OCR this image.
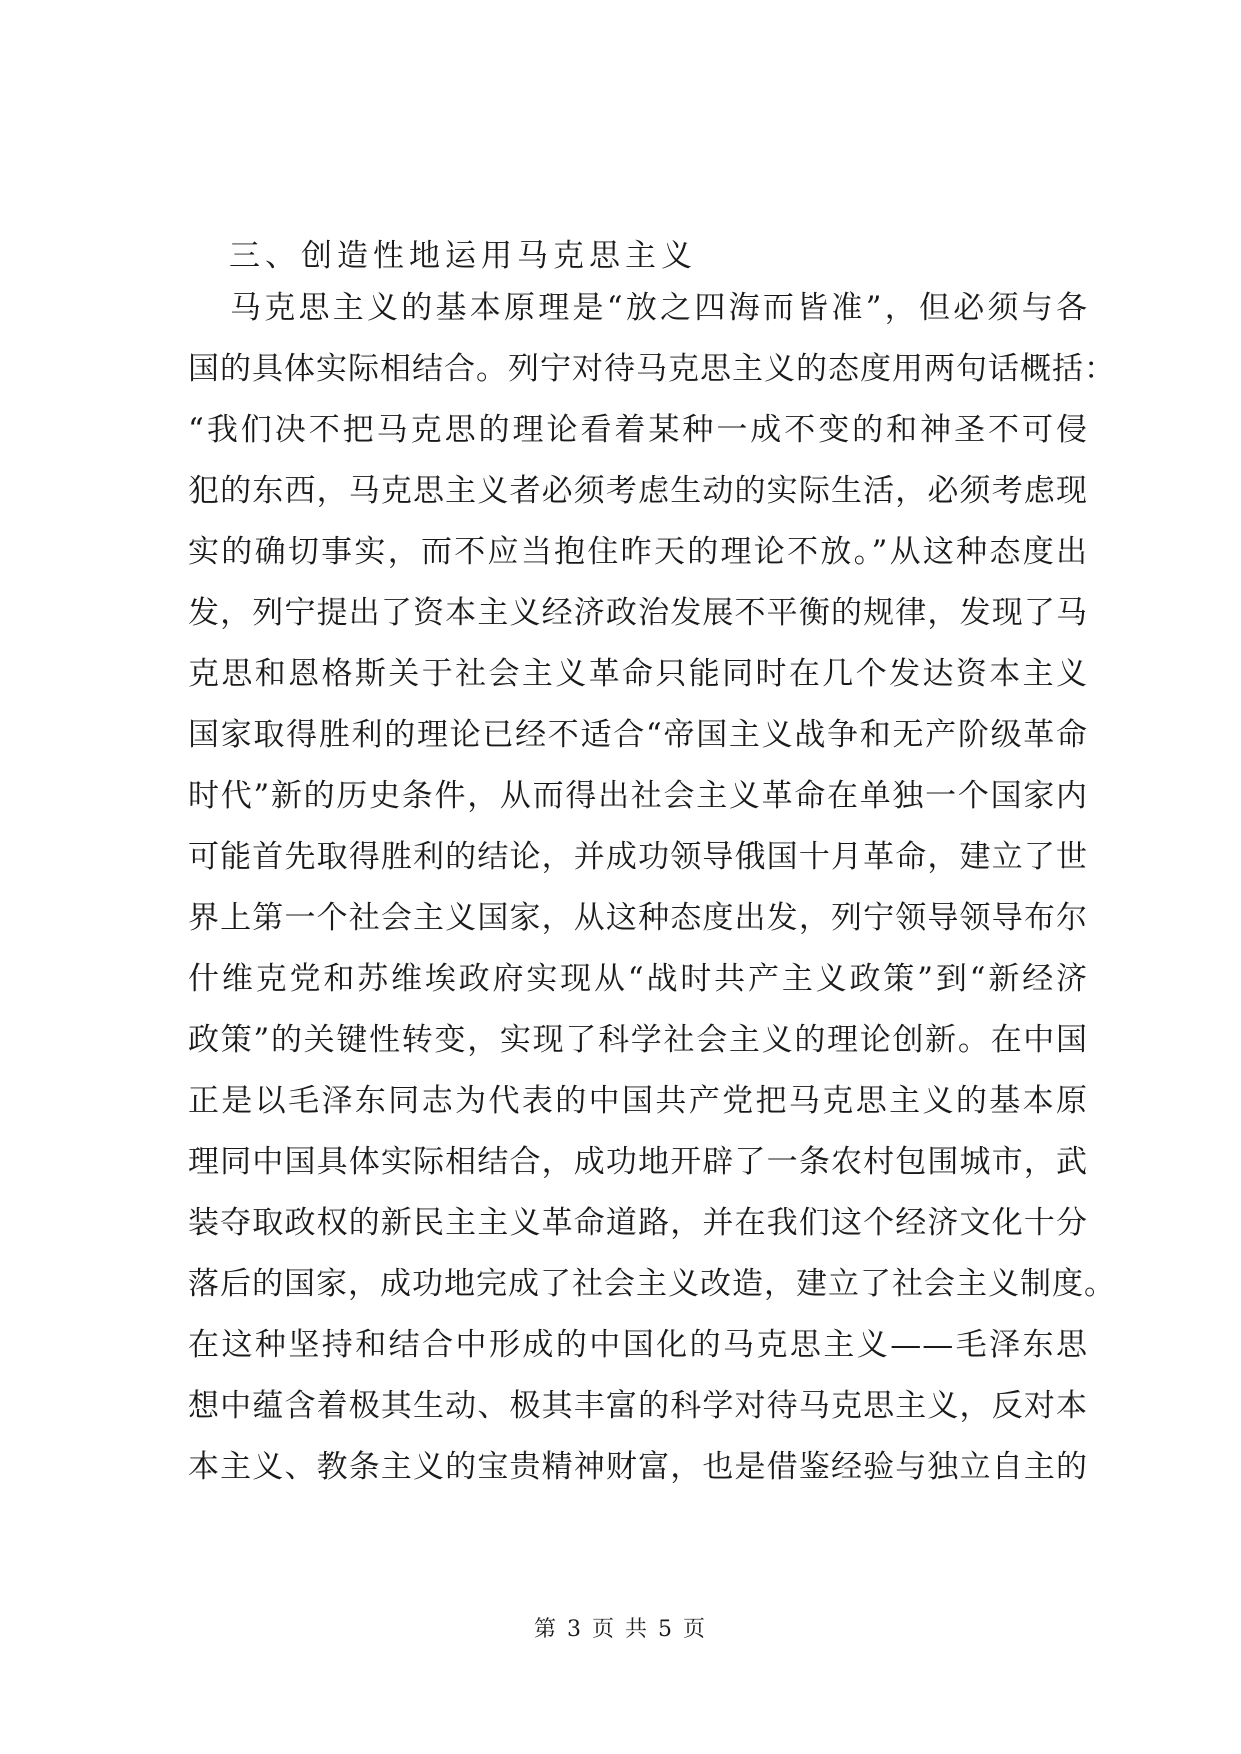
三、创造性地运用马克思主义
马克思主义的基本原理是“放之四海而皆准”，但必须与各
国的具体实际相结合。列宁对待马克思主义的态度用两句话概括：
“我们决不把马克思的理论看着某种一成不变的和神圣不可侵
犯的东西，马克思主义者必须考虑生动的实际生活，必须考虑现
实的确切事实，而不应当抱住昨天的理论不放。”从这种态度出
发，列宁提出了资本主义经济政治发展不平衡的规律，发现了马
克思和恩格斯关于社会主义革命只能同时在几个发达资本主义
国家取得胜利的理论已经不适合“帝国主义战争和无产阶级革命
时代”新的历史条件，从而得出社会主义革命在单独一个国家内
可能首先取得胜利的结论，并成功领导俄国十月革命，建立了世
界上第一个社会主义国家，从这种态度出发，列宁领导领导布尔
什维克党和苏维埃政府实现从“战时共产主义政策”到“新经济
政策”的关键性转变，实现了科学社会主义的理论创新。在中国
正是以毛泽东同志为代表的中国共产党把马克思主义的基本原
理同中国具体实际相结合，成功地开辟了一条农村包围城市，武
装夺取政权的新民主主义革命道路，并在我们这个经济文化十分
落后的国家，成功地完成了社会主义改造，建立了社会主义制度。
在这种坚持和结合中形成的中国化的马克思主义——毛泽东思
想中蕴含着极其生动、极其丰富的科学对待马克思主义，反对本
本主义、教条主义的宝贵精神财富，也是借鉴经验与独立自主的
第 3 页 共 5 页
